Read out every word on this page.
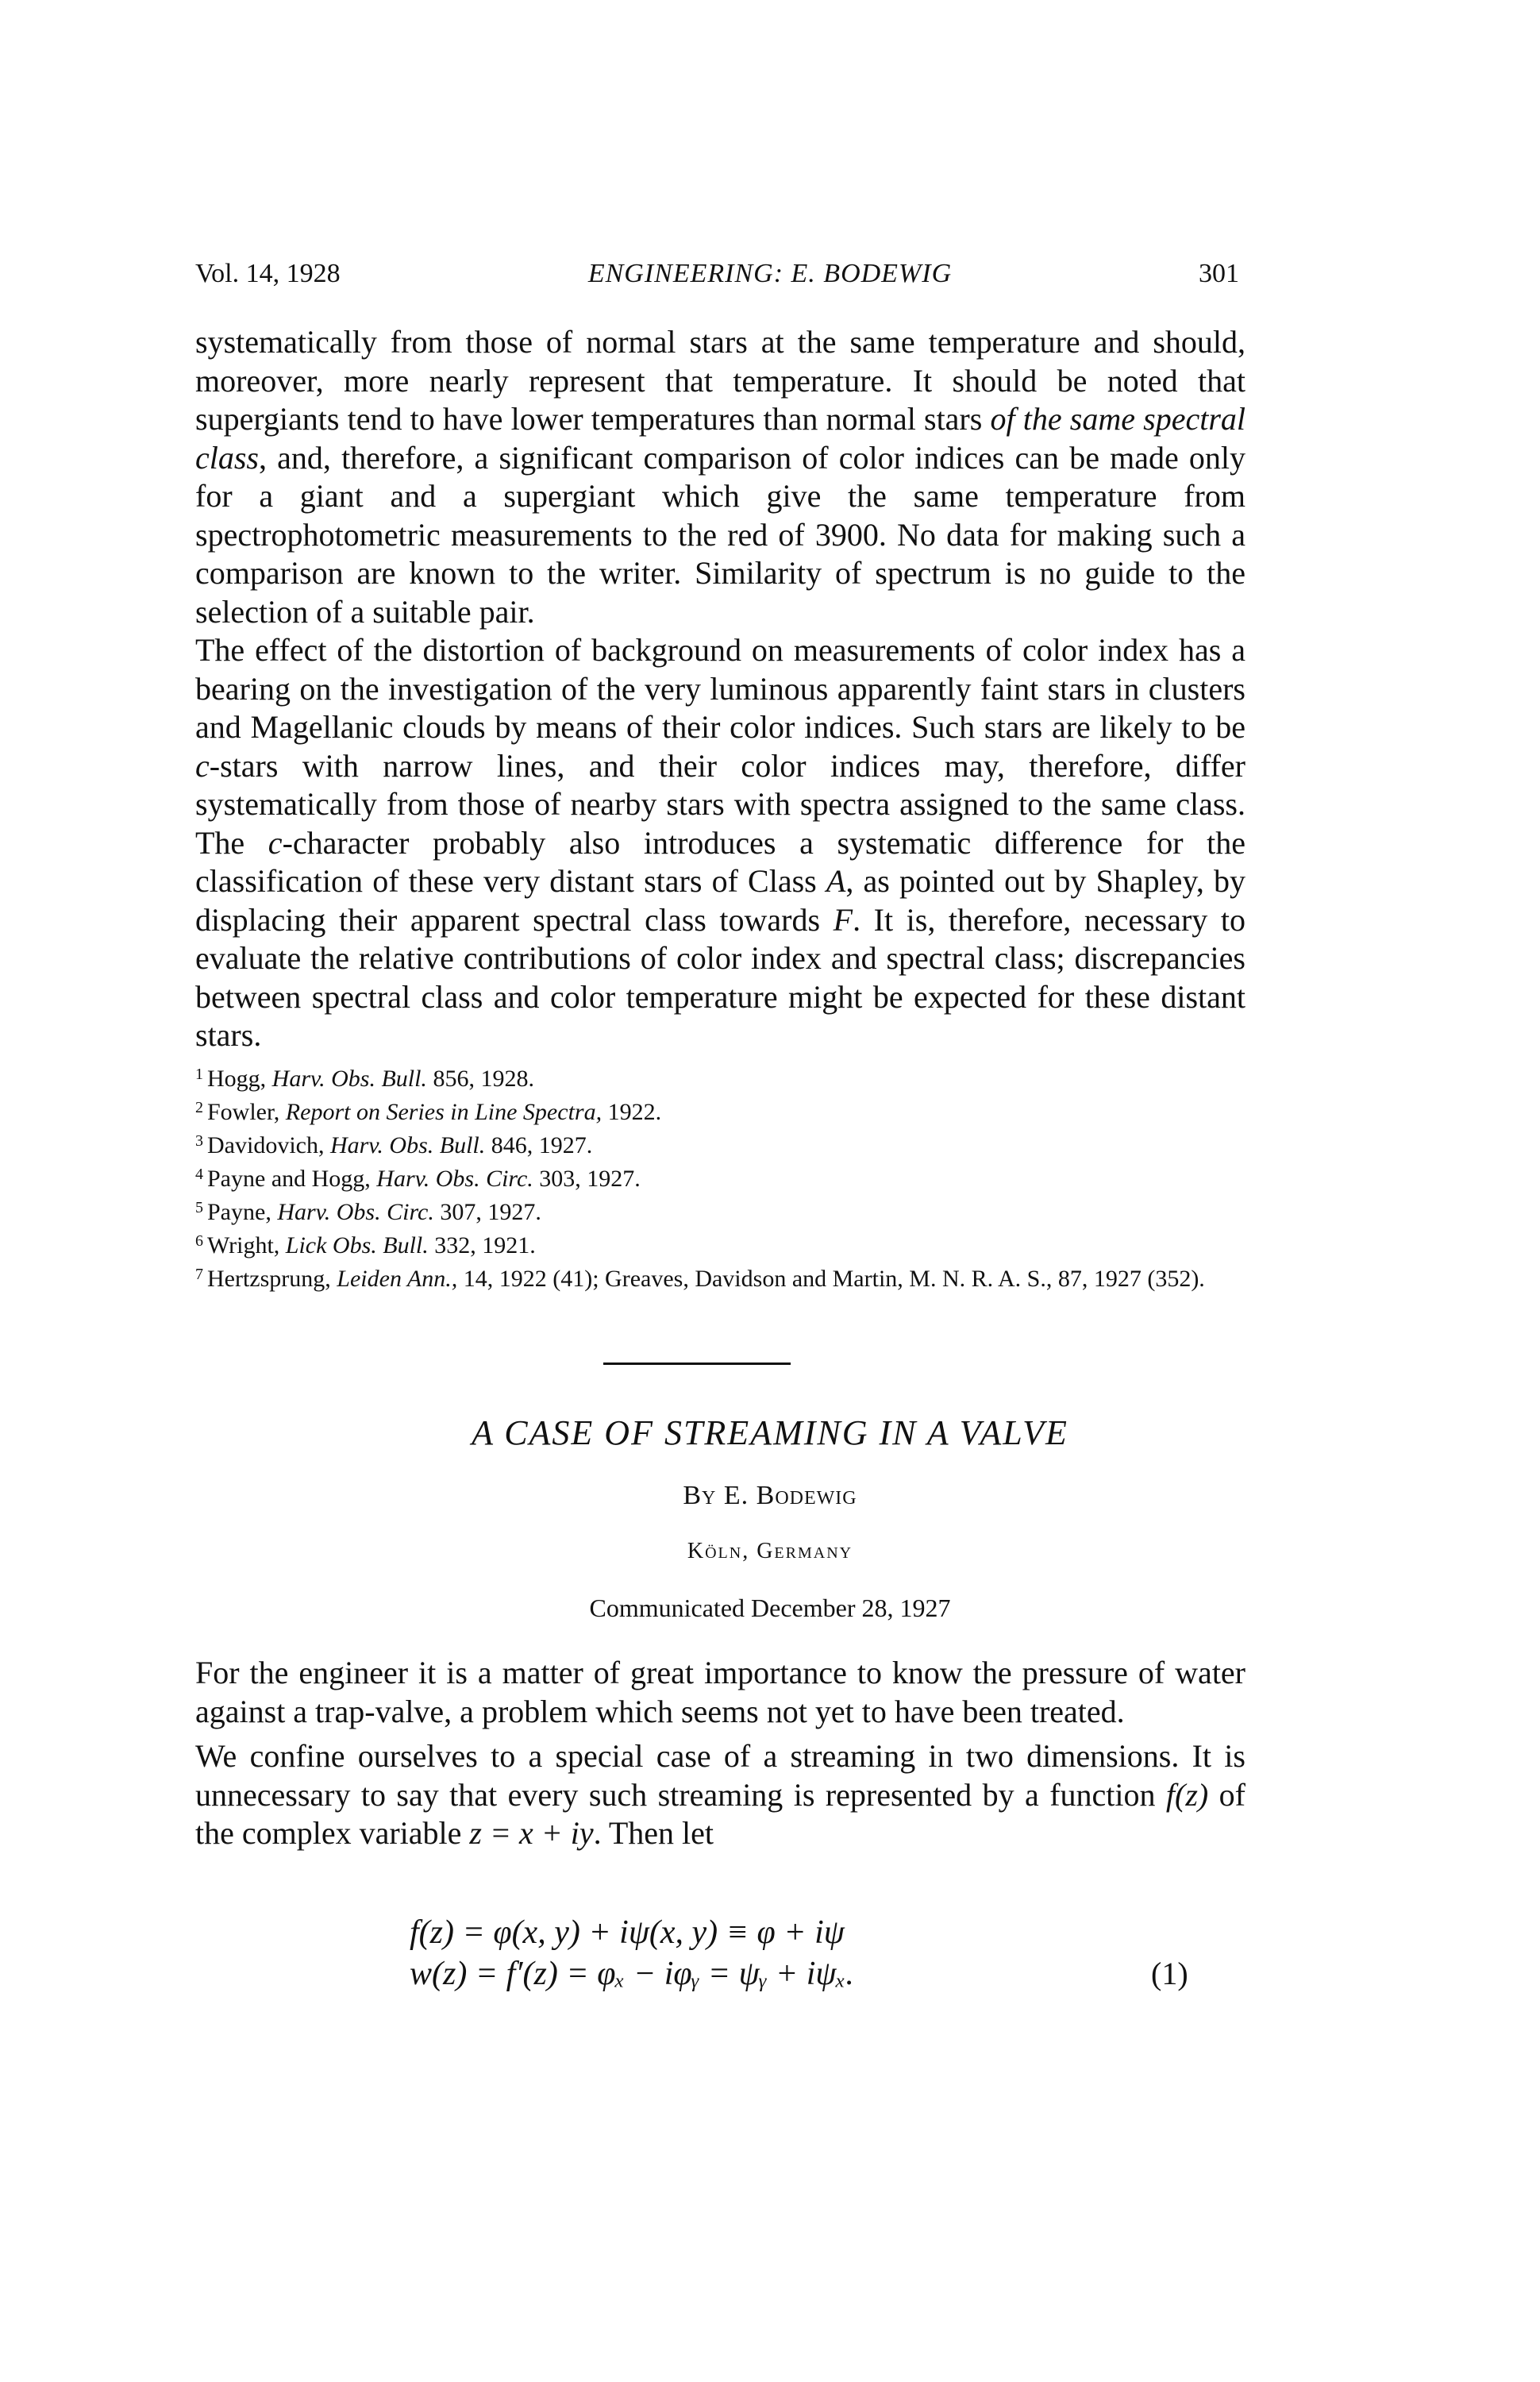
Vol. 14, 1928	ENGINEERING: E. BODEWIG	301
systematically from those of normal stars at the same temperature and should, moreover, more nearly represent that temperature. It should be noted that supergiants tend to have lower temperatures than normal stars of the same spectral class, and, therefore, a significant comparison of color indices can be made only for a giant and a supergiant which give the same temperature from spectrophotometric measurements to the red of 3900. No data for making such a comparison are known to the writer. Similarity of spectrum is no guide to the selection of a suitable pair.
The effect of the distortion of background on measurements of color index has a bearing on the investigation of the very luminous apparently faint stars in clusters and Magellanic clouds by means of their color indices. Such stars are likely to be c-stars with narrow lines, and their color indices may, therefore, differ systematically from those of nearby stars with spectra assigned to the same class. The c-character probably also introduces a systematic difference for the classification of these very distant stars of Class A, as pointed out by Shapley, by displacing their apparent spectral class towards F. It is, therefore, necessary to evaluate the relative contributions of color index and spectral class; discrepancies between spectral class and color temperature might be expected for these distant stars.
$^1$ Hogg, Harv. Obs. Bull. 856, 1928.
$^2$ Fowler, Report on Series in Line Spectra, 1922.
$^3$ Davidovich, Harv. Obs. Bull. 846, 1927.
$^4$ Payne and Hogg, Harv. Obs. Circ. 303, 1927.
$^5$ Payne, Harv. Obs. Circ. 307, 1927.
$^6$ Wright, Lick Obs. Bull. 332, 1921.
$^7$ Hertzsprung, Leiden Ann., 14, 1922 (41); Greaves, Davidson and Martin, M. N. R. A. S., 87, 1927 (352).
A CASE OF STREAMING IN A VALVE
By E. Bodewig
Köln, Germany
Communicated December 28, 1927
For the engineer it is a matter of great importance to know the pressure of water against a trap-valve, a problem which seems not yet to have been treated.
We confine ourselves to a special case of a streaming in two dimensions. It is unnecessary to say that every such streaming is represented by a function f(z) of the complex variable z = x + iy. Then let
f(z) = φ(x, y) + iψ(x, y) ≡ φ + iψ
w(z) = f′(z) = φₓ − iφᵧ = ψᵧ + iψₓ.	(1)
